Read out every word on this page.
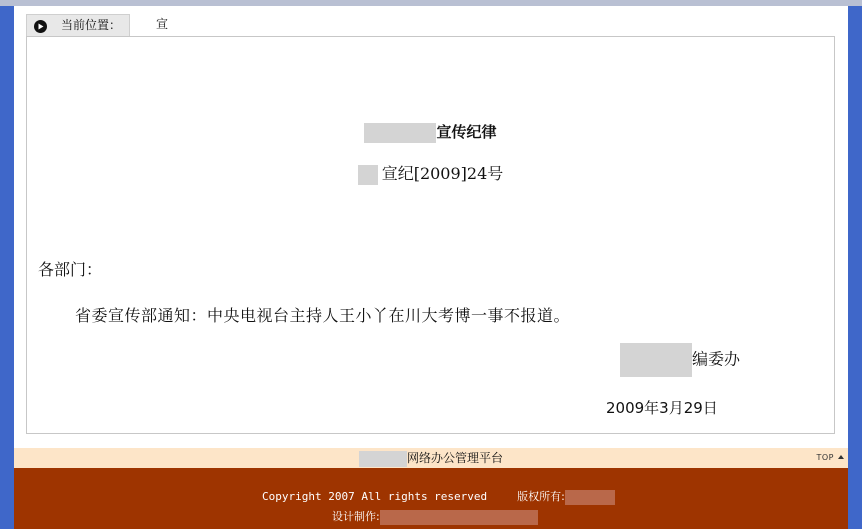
当前位置：	宣
宣传纪律
宣纪[2009]24号
各部门：
省委宣传部通知：中央电视台主持人王小丫在川大考博一事不报道。
编委办
2009年3月29日
网络办公管理平台	TOP
Copyright 2007 All rights reserved	版权所有:
设计制作:
